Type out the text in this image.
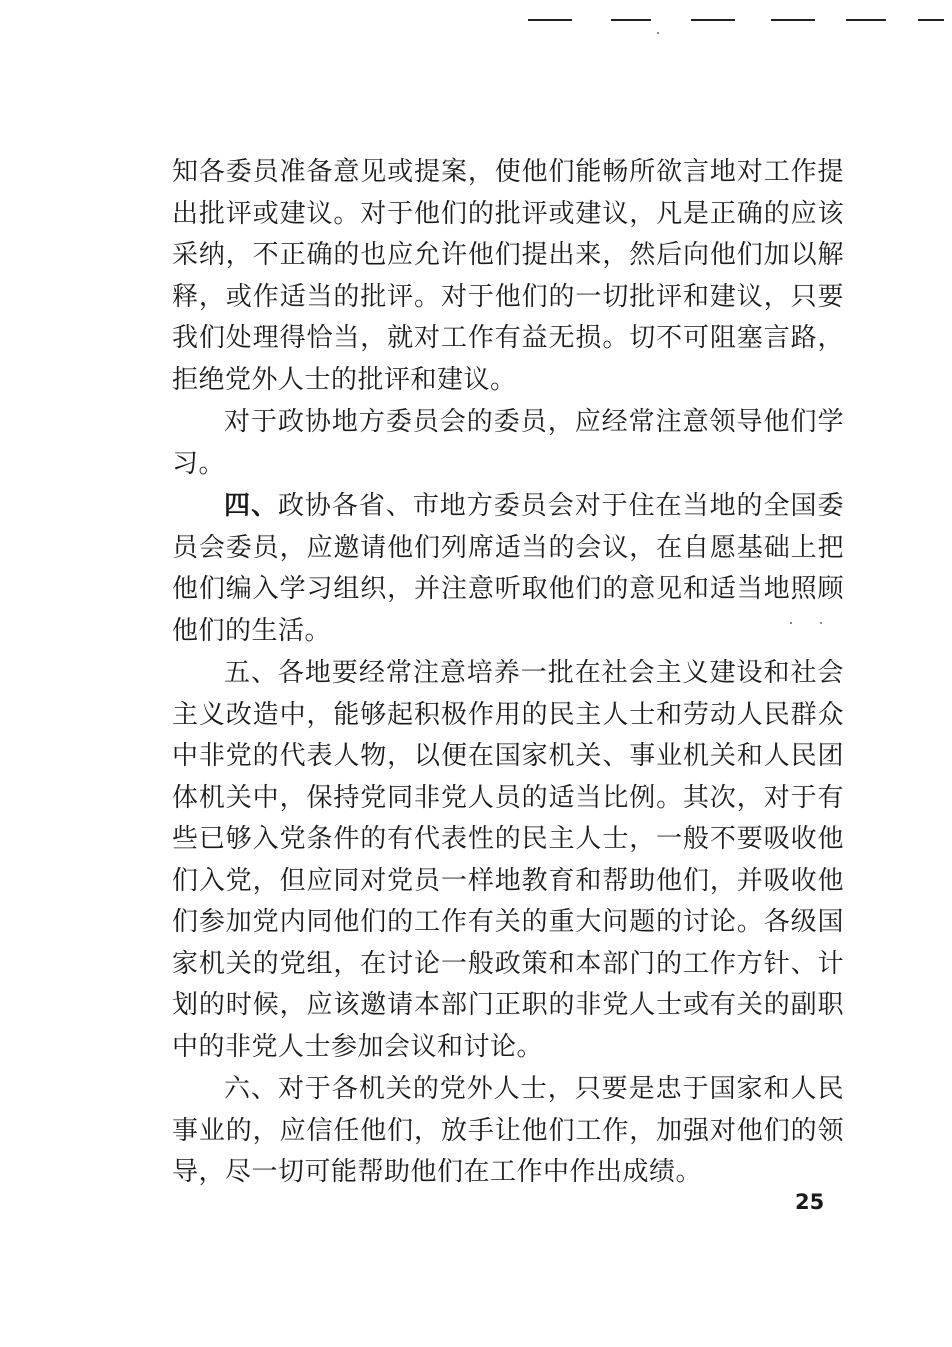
知各委员准备意见或提案，使他们能畅所欲言地对工作提出批评或建议。对于他们的批评或建议，凡是正确的应该采纳，不正确的也应允许他们提出来，然后向他们加以解释，或作适当的批评。对于他们的一切批评和建议，只要我们处理得恰当，就对工作有益无损。切不可阻塞言路，拒绝党外人士的批评和建议。

对于政协地方委员会的委员，应经常注意领导他们学习。

四、政协各省、市地方委员会对于住在当地的全国委员会委员，应邀请他们列席适当的会议，在自愿基础上把他们编入学习组织，并注意听取他们的意见和适当地照顾他们的生活。

五、各地要经常注意培养一批在社会主义建设和社会主义改造中，能够起积极作用的民主人士和劳动人民群众中非党的代表人物，以便在国家机关、事业机关和人民团体机关中，保持党同非党人员的适当比例。其次，对于有些已够入党条件的有代表性的民主人士，一般不要吸收他们入党，但应同对党员一样地教育和帮助他们，并吸收他们参加党内同他们的工作有关的重大问题的讨论。各级国家机关的党组，在讨论一般政策和本部门的工作方针、计划的时候，应该邀请本部门正职的非党人士或有关的副职中的非党人士参加会议和讨论。

六、对于各机关的党外人士，只要是忠于国家和人民事业的，应信任他们，放手让他们工作，加强对他们的领导，尽一切可能帮助他们在工作中作出成绩。

25
